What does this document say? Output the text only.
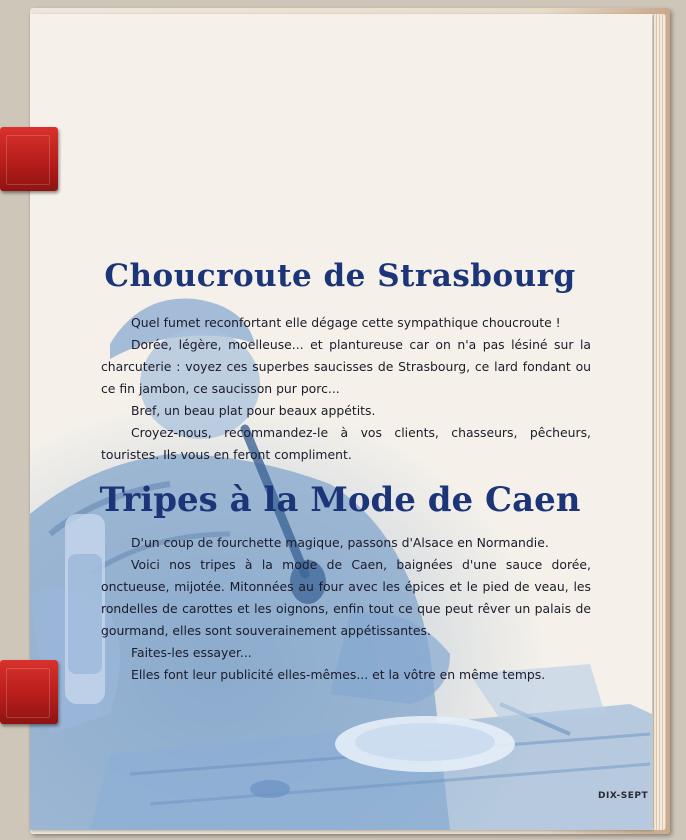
Choucroute de Strasbourg

Quel fumet reconfortant elle dégage cette sympathique choucroute !

Dorée, légère, moelleuse... et plantureuse car on n'a pas lésiné sur la charcuterie : voyez ces superbes saucisses de Strasbourg, ce lard fondant ou ce fin jambon, ce saucisson pur porc...

Bref, un beau plat pour beaux appétits.

Croyez-nous, recommandez-le à vos clients, chasseurs, pêcheurs, touristes. Ils vous en feront compliment.

Tripes à la Mode de Caen

D'un coup de fourchette magique, passons d'Alsace en Normandie.

Voici nos tripes à la mode de Caen, baignées d'une sauce dorée, onctueuse, mijotée. Mitonnées au four avec les épices et le pied de veau, les rondelles de carottes et les oignons, enfin tout ce que peut rêver un palais de gourmand, elles sont souverainement appétissantes.

Faites-les essayer...

Elles font leur publicité elles-mêmes... et la vôtre en même temps.

DIX-SEPT
